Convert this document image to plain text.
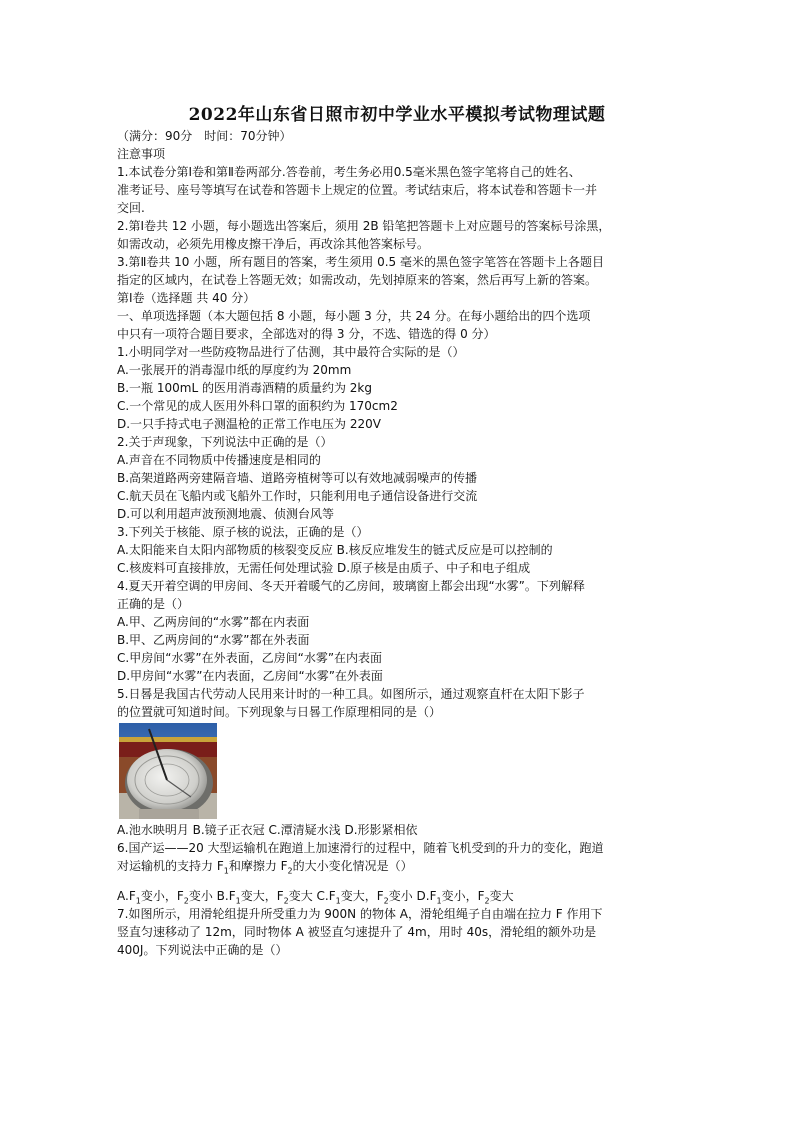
2022年山东省日照市初中学业水平模拟考试物理试题
（满分：90分　时间：70分钟）
注意事项
1.本试卷分第Ⅰ卷和第Ⅱ卷两部分.答卷前，考生务必用0.5毫米黑色签字笔将自己的姓名、
准考证号、座号等填写在试卷和答题卡上规定的位置。考试结束后，将本试卷和答题卡一并
交回.
2.第Ⅰ卷共 12 小题，每小题选出答案后，须用 2B 铅笔把答题卡上对应题号的答案标号涂黑，
如需改动，必须先用橡皮擦干净后，再改涂其他答案标号。
3.第Ⅱ卷共 10 小题，所有题目的答案，考生须用 0.5 毫米的黑色签字笔答在答题卡上各题目
指定的区域内，在试卷上答题无效；如需改动，先划掉原来的答案，然后再写上新的答案。
第Ⅰ卷（选择题 共 40 分）
一、单项选择题（本大题包括 8 小题，每小题 3 分，共 24 分。在每小题给出的四个选项
中只有一项符合题目要求，全部选对的得 3 分，不选、错选的得 0 分）
1.小明同学对一些防疫物品进行了估测，其中最符合实际的是（）
A.一张展开的消毒湿巾纸的厚度约为 20mm
B.一瓶 100mL 的医用消毒酒精的质量约为 2kg
C.一个常见的成人医用外科口罩的面积约为 170cm2
D.一只手持式电子测温枪的正常工作电压为 220V
2.关于声现象，下列说法中正确的是（）
A.声音在不同物质中传播速度是相同的
B.高架道路两旁建隔音墙、道路旁植树等可以有效地减弱噪声的传播
C.航天员在飞船内或飞船外工作时，只能利用电子通信设备进行交流
D.可以利用超声波预测地震、侦测台风等
3.下列关于核能、原子核的说法，正确的是（）
A.太阳能来自太阳内部物质的核裂变反应 B.核反应堆发生的链式反应是可以控制的
C.核废料可直接排放，无需任何处理试验 D.原子核是由质子、中子和电子组成
4.夏天开着空调的甲房间、冬天开着暖气的乙房间，玻璃窗上都会出现“水雾”。下列解释
正确的是（）
A.甲、乙两房间的“水雾”都在内表面
B.甲、乙两房间的“水雾”都在外表面
C.甲房间“水雾”在外表面，乙房间“水雾”在内表面
D.甲房间“水雾”在内表面，乙房间“水雾”在外表面
5.日晷是我国古代劳动人民用来计时的一种工具。如图所示，通过观察直杆在太阳下影子
的位置就可知道时间。下列现象与日晷工作原理相同的是（）
A.池水映明月 B.镜子正衣冠 C.潭清疑水浅 D.形影紧相依
6.国产运——20 大型运输机在跑道上加速滑行的过程中，随着飞机受到的升力的变化，跑道
对运输机的支持力 $F_1$和摩擦力 $F_2$的大小变化情况是（）
$A.F_1$变小，$F_2$变小 $B.F_1$变大，$F_2$变大 $C.F_1$变大，$F_2$变小 $D.F_1$变小，$F_2$变大
7.如图所示，用滑轮组提升所受重力为 900N 的物体 A，滑轮组绳子自由端在拉力 F 作用下
竖直匀速移动了 12m，同时物体 A 被竖直匀速提升了 4m，用时 40s，滑轮组的额外功是
400J。下列说法中正确的是（）
